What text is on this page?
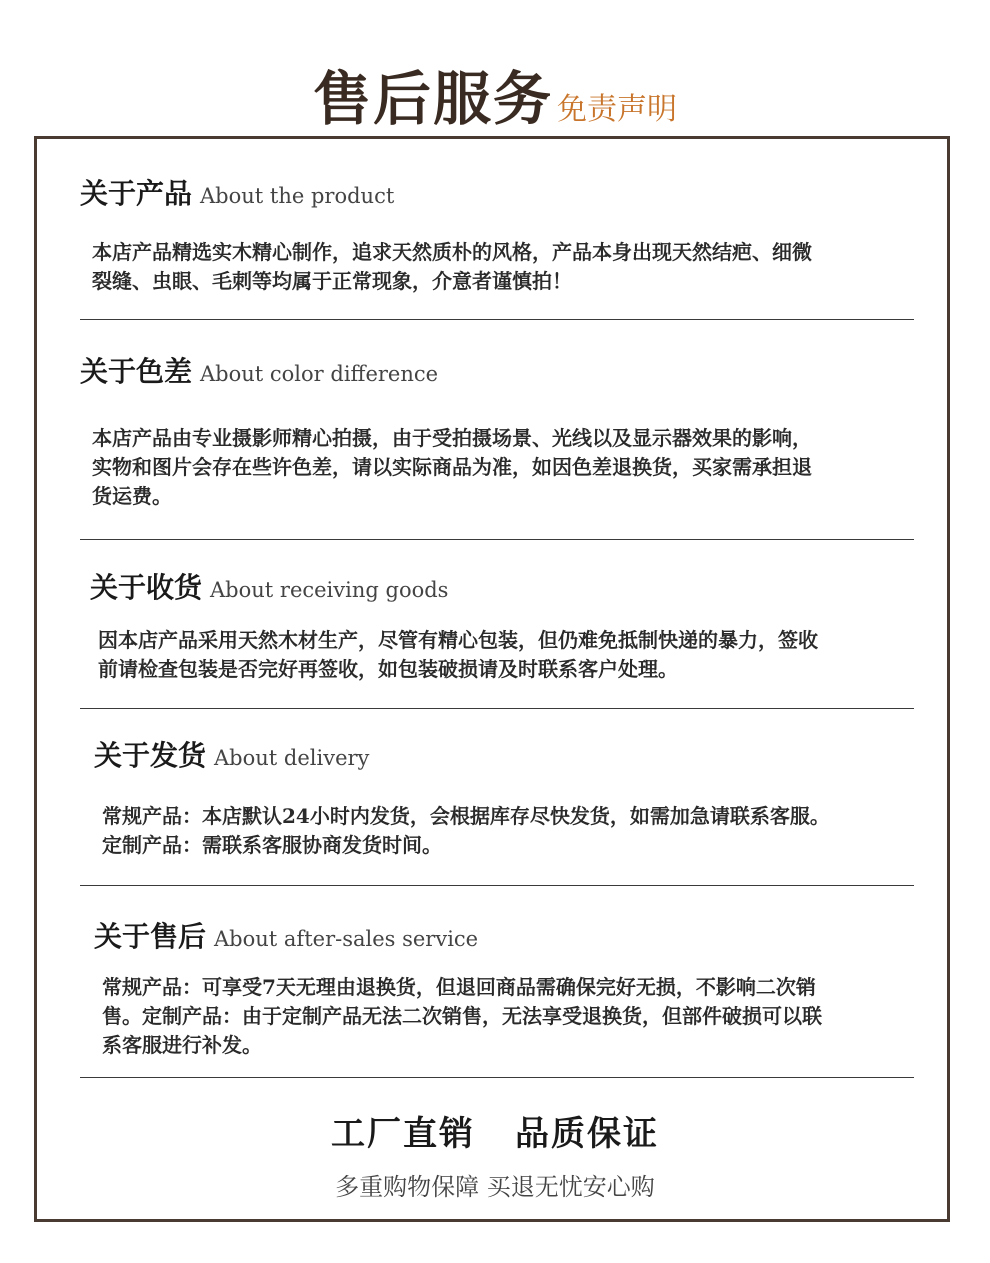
售后服务 免责声明
关于产品 About the product
本店产品精选实木精心制作，追求天然质朴的风格，产品本身出现天然结疤、细微
裂缝、虫眼、毛刺等均属于正常现象，介意者谨慎拍！
关于色差 About color difference
本店产品由专业摄影师精心拍摄，由于受拍摄场景、光线以及显示器效果的影响，
实物和图片会存在些许色差，请以实际商品为准，如因色差退换货，买家需承担退
货运费。
关于收货 About receiving goods
因本店产品采用天然木材生产，尽管有精心包装，但仍难免抵制快递的暴力，签收
前请检查包装是否完好再签收，如包装破损请及时联系客户处理。
关于发货 About delivery
常规产品：本店默认24小时内发货，会根据库存尽快发货，如需加急请联系客服。
定制产品：需联系客服协商发货时间。
关于售后 About after-sales service
常规产品：可享受7天无理由退换货，但退回商品需确保完好无损，不影响二次销
售。定制产品：由于定制产品无法二次销售，无法享受退换货，但部件破损可以联
系客服进行补发。
工厂直销 品质保证
多重购物保障 买退无忧安心购
